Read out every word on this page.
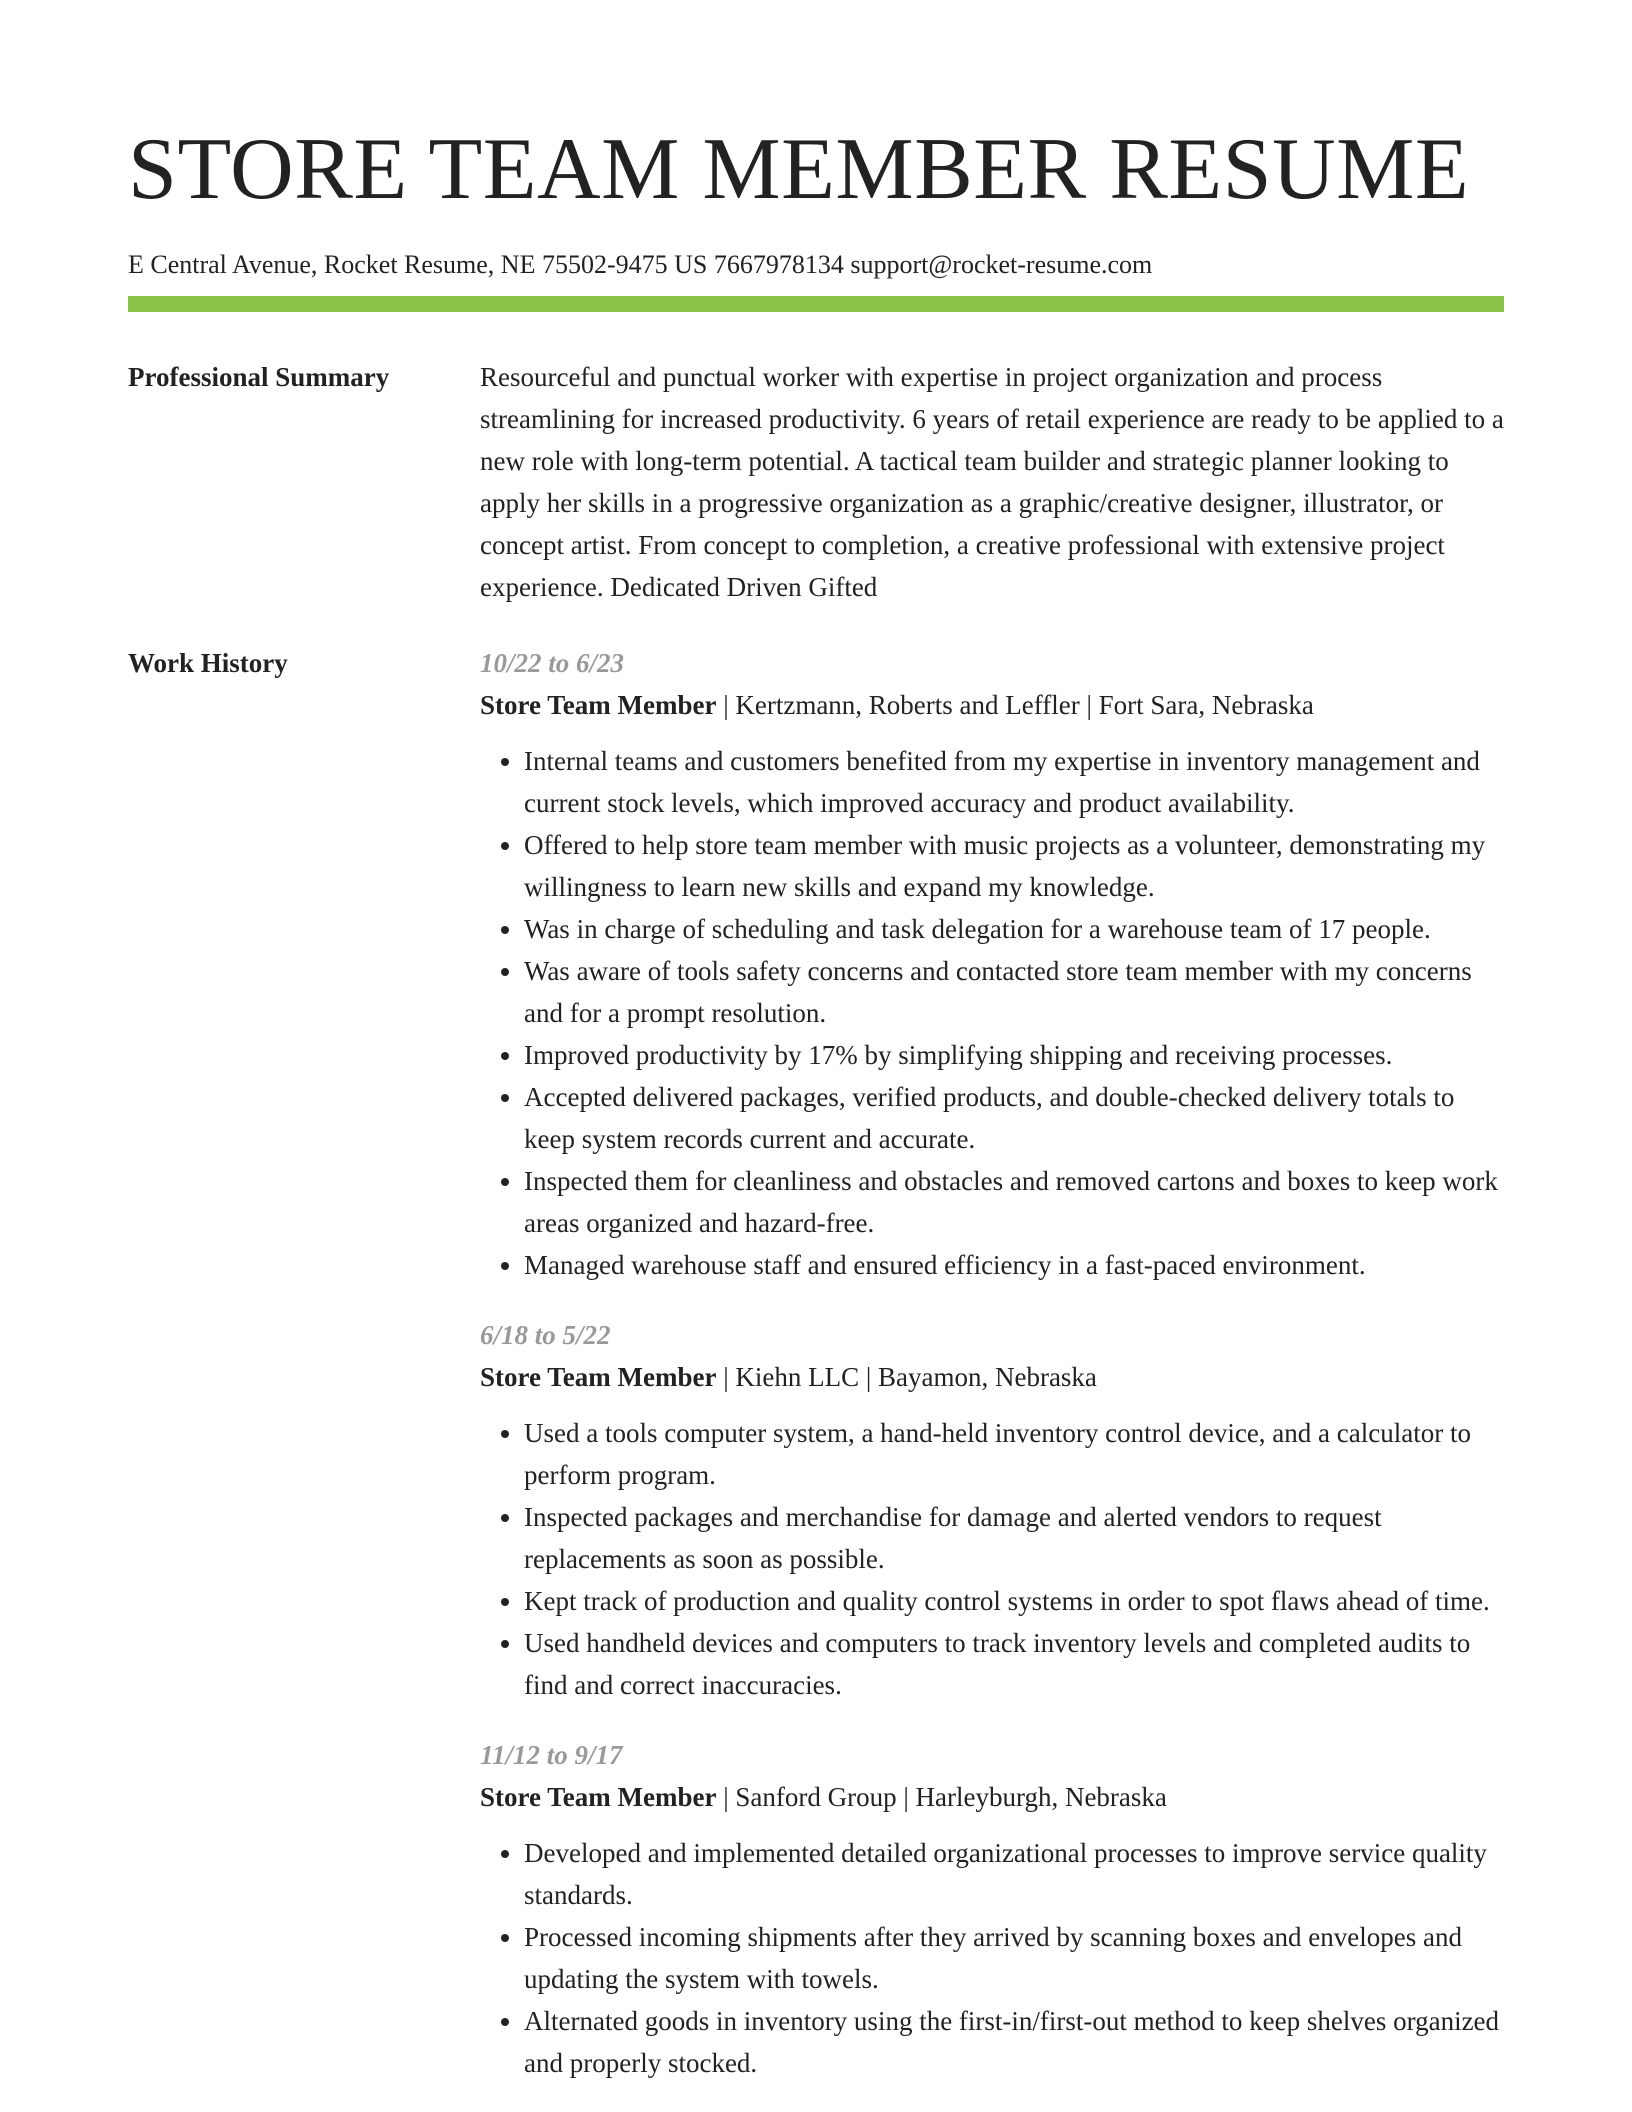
STORE TEAM MEMBER RESUME
E Central Avenue, Rocket Resume, NE 75502-9475 US 7667978134 support@rocket-resume.com
Professional Summary	Resourceful and punctual worker with expertise in project organization and process streamlining for increased productivity. 6 years of retail experience are ready to be applied to a new role with long-term potential. A tactical team builder and strategic planner looking to apply her skills in a progressive organization as a graphic/creative designer, illustrator, or concept artist. From concept to completion, a creative professional with extensive project experience. Dedicated Driven Gifted

Work History	10/22 to 6/23
Store Team Member | Kertzmann, Roberts and Leffler | Fort Sara, Nebraska
• Internal teams and customers benefited from my expertise in inventory management and current stock levels, which improved accuracy and product availability.
• Offered to help store team member with music projects as a volunteer, demonstrating my willingness to learn new skills and expand my knowledge.
• Was in charge of scheduling and task delegation for a warehouse team of 17 people.
• Was aware of tools safety concerns and contacted store team member with my concerns and for a prompt resolution.
• Improved productivity by 17% by simplifying shipping and receiving processes.
• Accepted delivered packages, verified products, and double-checked delivery totals to keep system records current and accurate.
• Inspected them for cleanliness and obstacles and removed cartons and boxes to keep work areas organized and hazard-free.
• Managed warehouse staff and ensured efficiency in a fast-paced environment.
6/18 to 5/22
Store Team Member | Kiehn LLC | Bayamon, Nebraska
• Used a tools computer system, a hand-held inventory control device, and a calculator to perform program.
• Inspected packages and merchandise for damage and alerted vendors to request replacements as soon as possible.
• Kept track of production and quality control systems in order to spot flaws ahead of time.
• Used handheld devices and computers to track inventory levels and completed audits to find and correct inaccuracies.
11/12 to 9/17
Store Team Member | Sanford Group | Harleyburgh, Nebraska
• Developed and implemented detailed organizational processes to improve service quality standards.
• Processed incoming shipments after they arrived by scanning boxes and envelopes and updating the system with towels.
• Alternated goods in inventory using the first-in/first-out method to keep shelves organized and properly stocked.
